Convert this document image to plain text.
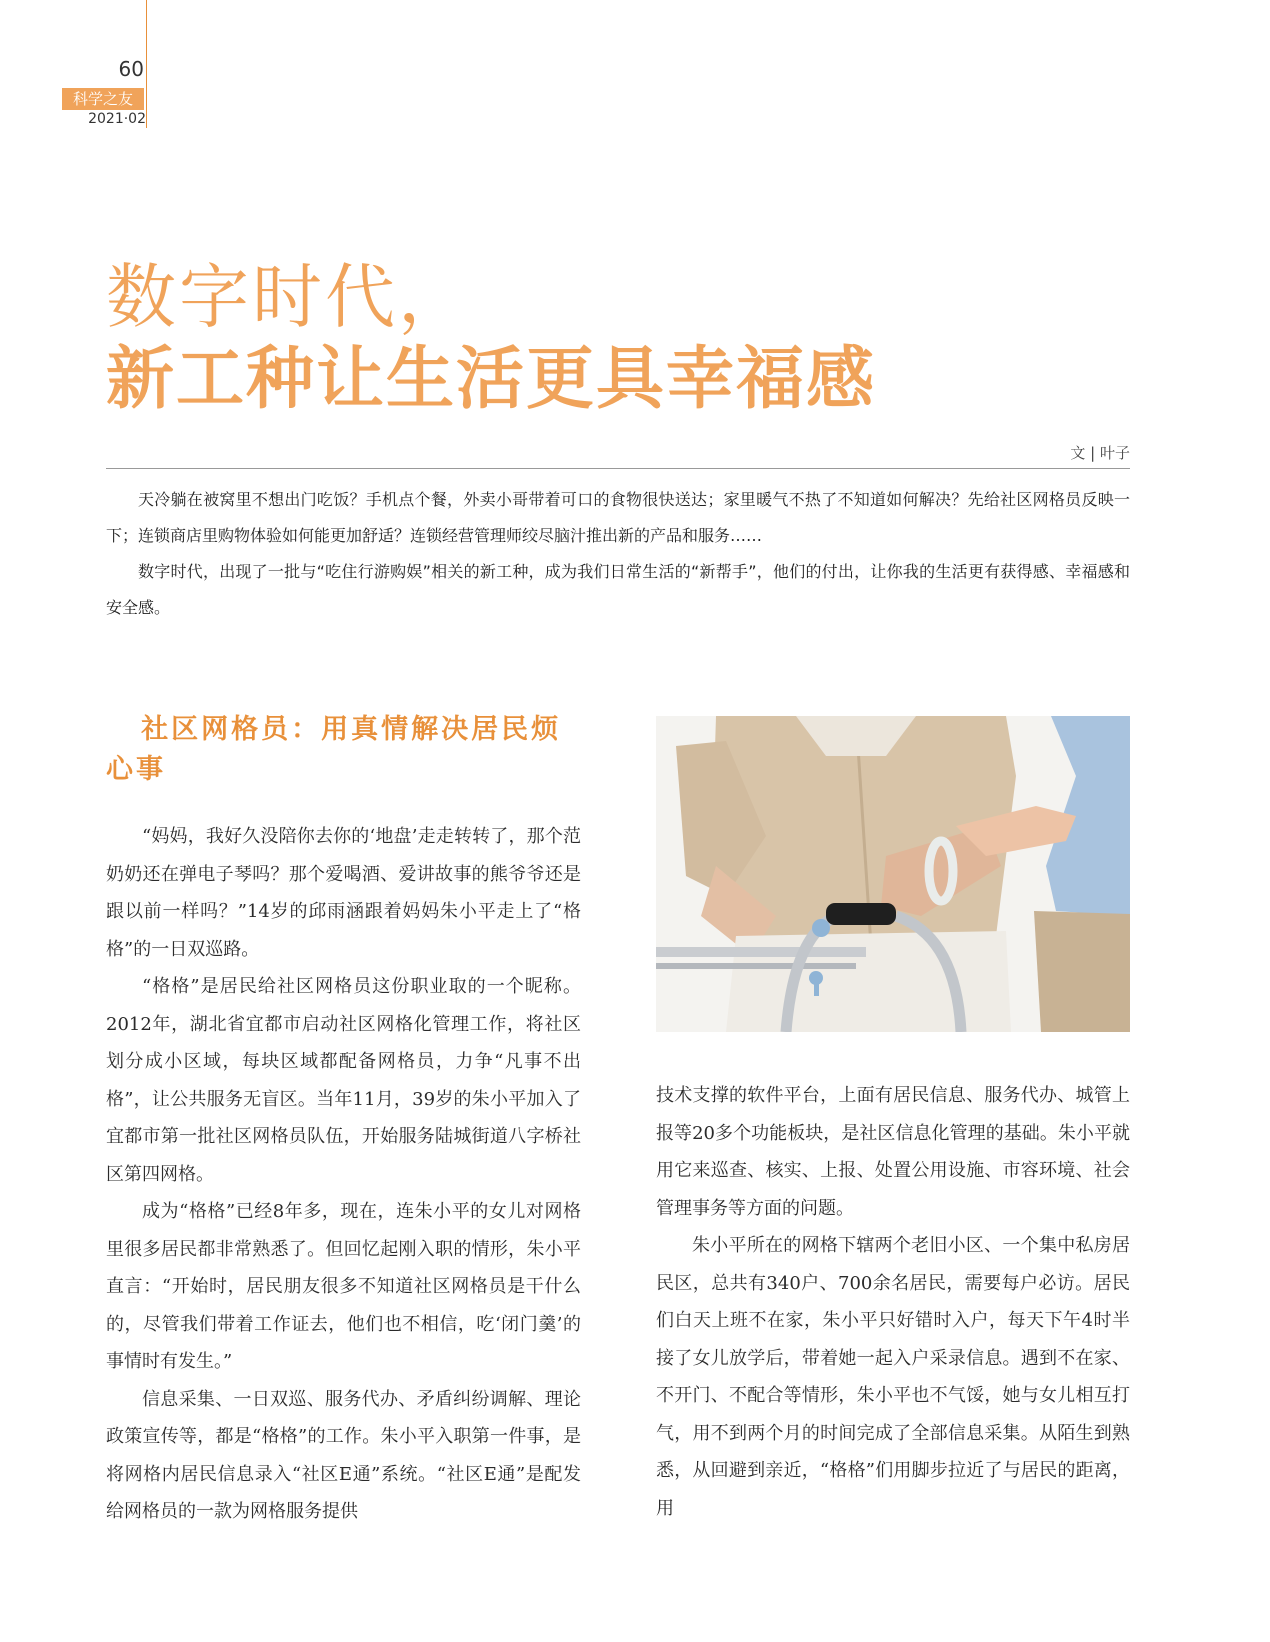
60
科学之友
2021·02
数字时代，
新工种让生活更具幸福感
文 | 叶子

天冷躺在被窝里不想出门吃饭？手机点个餐，外卖小哥带着可口的食物很快送达；家里暖气不热了不知道如何解决？先给社区网格员反映一下；连锁商店里购物体验如何能更加舒适？连锁经营管理师绞尽脑汁推出新的产品和服务……

数字时代，出现了一批与“吃住行游购娱”相关的新工种，成为我们日常生活的“新帮手”，他们的付出，让你我的生活更有获得感、幸福感和安全感。

社区网格员：用真情解决居民烦心事

“妈妈，我好久没陪你去你的‘地盘’走走转转了，那个范奶奶还在弹电子琴吗？那个爱喝酒、爱讲故事的熊爷爷还是跟以前一样吗？”14岁的邱雨涵跟着妈妈朱小平走上了“格格”的一日双巡路。

“格格”是居民给社区网格员这份职业取的一个昵称。2012年，湖北省宜都市启动社区网格化管理工作，将社区划分成小区域，每块区域都配备网格员，力争“凡事不出格”，让公共服务无盲区。当年11月，39岁的朱小平加入了宜都市第一批社区网格员队伍，开始服务陆城街道八字桥社区第四网格。

成为“格格”已经8年多，现在，连朱小平的女儿对网格里很多居民都非常熟悉了。但回忆起刚入职的情形，朱小平直言：“开始时，居民朋友很多不知道社区网格员是干什么的，尽管我们带着工作证去，他们也不相信，吃‘闭门羹’的事情时有发生。”

信息采集、一日双巡、服务代办、矛盾纠纷调解、理论政策宣传等，都是“格格”的工作。朱小平入职第一件事，是将网格内居民信息录入“社区E通”系统。“社区E通”是配发给网格员的一款为网格服务提供

技术支撑的软件平台，上面有居民信息、服务代办、城管上报等20多个功能板块，是社区信息化管理的基础。朱小平就用它来巡查、核实、上报、处置公用设施、市容环境、社会管理事务等方面的问题。

朱小平所在的网格下辖两个老旧小区、一个集中私房居民区，总共有340户、700余名居民，需要每户必访。居民们白天上班不在家，朱小平只好错时入户，每天下午4时半接了女儿放学后，带着她一起入户采录信息。遇到不在家、不开门、不配合等情形，朱小平也不气馁，她与女儿相互打气，用不到两个月的时间完成了全部信息采集。从陌生到熟悉，从回避到亲近，“格格”们用脚步拉近了与居民的距离，用
